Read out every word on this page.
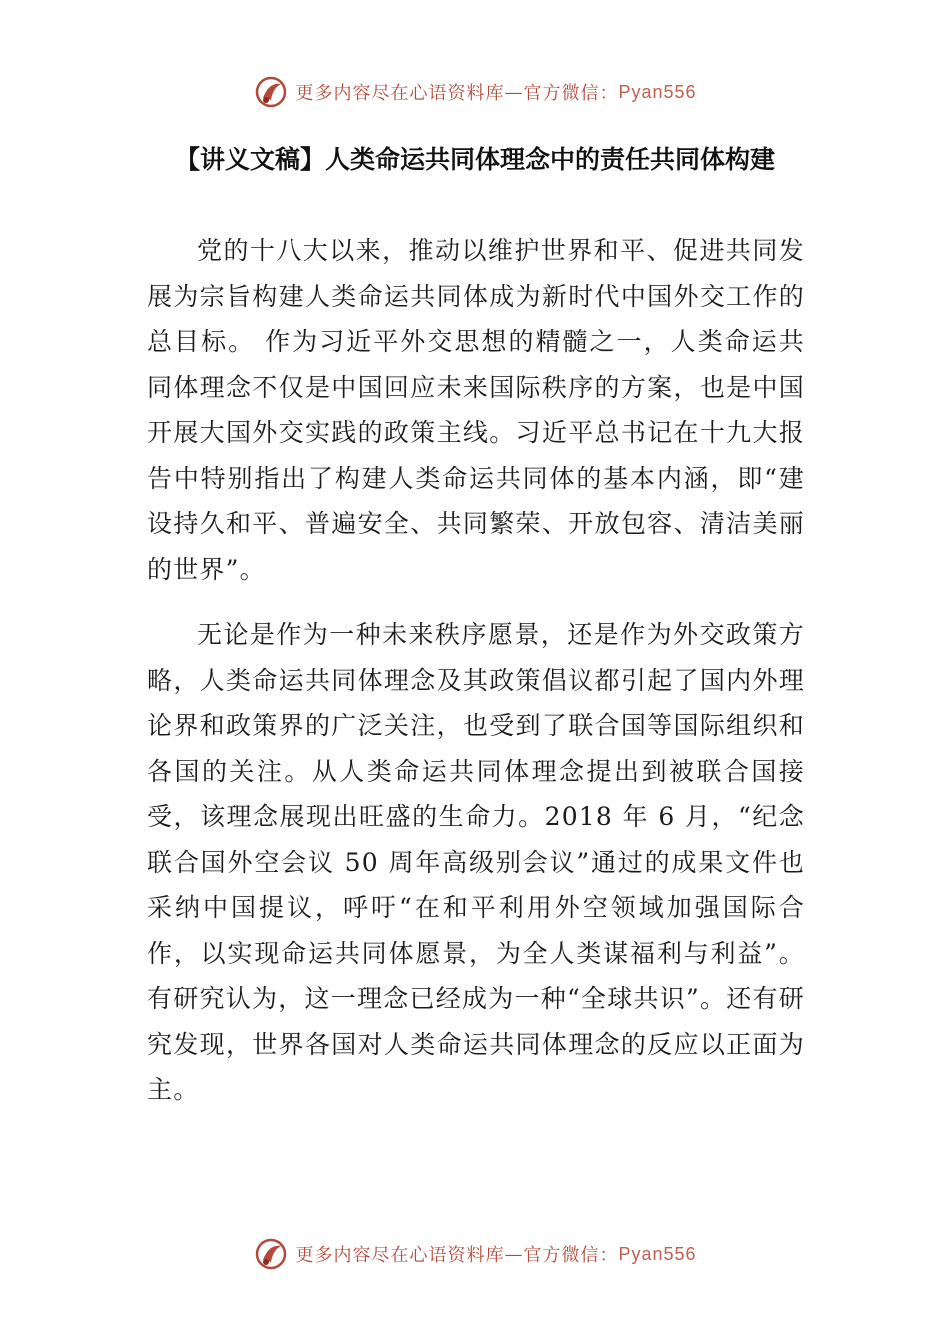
更多内容尽在心语资料库 — 官方微信： Pyan556
【讲义文稿】人类命运共同体理念中的责任共同体构建

党的十八大以来，推动以维护世界和平、促进共同发展为宗旨构建人类命运共同体成为新时代中国外交工作的总目标。 作为习近平外交思想的精髓之一，人类命运共同体理念不仅是中国回应未来国际秩序的方案，也是中国开展大国外交实践的政策主线。习近平总书记在十九大报告中特别指出了构建人类命运共同体的基本内涵，即“建设持久和平、普遍安全、共同繁荣、开放包容、清洁美丽的世界”。

无论是作为一种未来秩序愿景，还是作为外交政策方略，人类命运共同体理念及其政策倡议都引起了国内外理论界和政策界的广泛关注，也受到了联合国等国际组织和各国的关注。从人类命运共同体理念提出到被联合国接受，该理念展现出旺盛的生命力。2018 年 6 月，“纪念联合国外空会议 50 周年高级别会议”通过的成果文件也采纳中国提议，呼吁“在和平利用外空领域加强国际合作，以实现命运共同体愿景，为全人类谋福利与利益”。有研究认为，这一理念已经成为一种“全球共识”。还有研究发现，世界各国对人类命运共同体理念的反应以正面为主。

更多内容尽在心语资料库 — 官方微信： Pyan556
